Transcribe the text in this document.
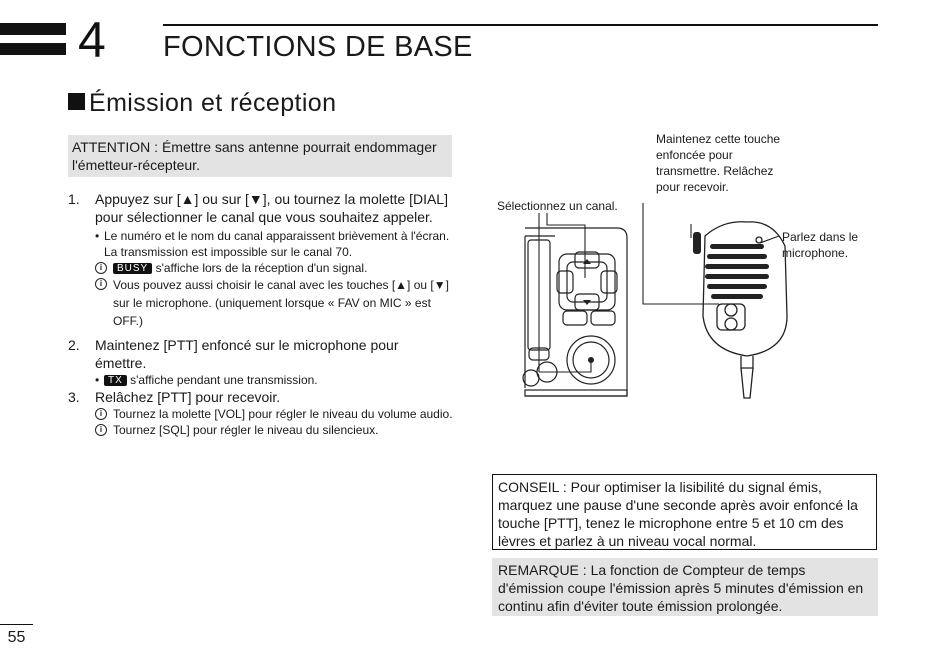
4 FONCTIONS DE BASE
Émission et réception
ATTENTION : Émettre sans antenne pourrait endommager l'émetteur-récepteur.
1. Appuyez sur [▲] ou sur [▼], ou tournez la molette [DIAL] pour sélectionner le canal que vous souhaitez appeler.
• Le numéro et le nom du canal apparaissent brièvement à l'écran.
La transmission est impossible sur le canal 70.
i	BUSY s'affiche lors de la réception d'un signal.
i Vous pouvez aussi choisir le canal avec les touches [▲] ou [▼] sur le microphone. (uniquement lorsque « FAV on MIC » est OFF.)
2. Maintenez [PTT] enfoncé sur le microphone pour émettre.
• TX s'affiche pendant une transmission.
3. Relâchez [PTT] pour recevoir.
i Tournez la molette [VOL] pour régler le niveau du volume audio.
i Tournez [SQL] pour régler le niveau du silencieux.
Sélectionnez un canal.
Maintenez cette touche enfoncée pour transmettre. Relâchez pour recevoir.
Parlez dans le microphone.
CONSEIL : Pour optimiser la lisibilité du signal émis, marquez une pause d'une seconde après avoir enfoncé la touche [PTT], tenez le microphone entre 5 et 10 cm des lèvres et parlez à un niveau vocal normal.
REMARQUE : La fonction de Compteur de temps d'émission coupe l'émission après 5 minutes d'émission en continu afin d'éviter toute émission prolongée.
55
